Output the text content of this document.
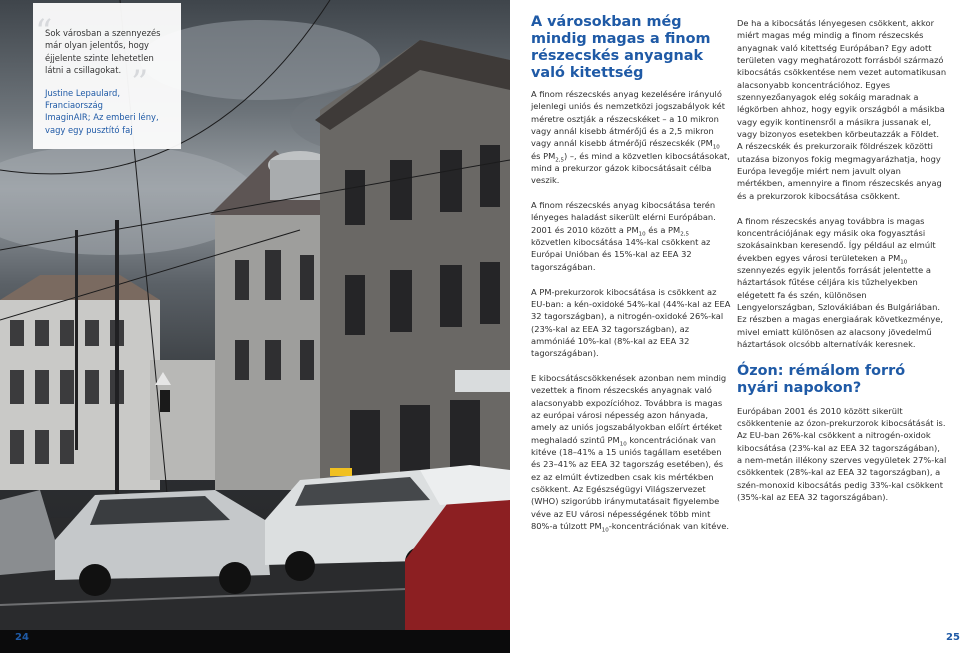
“
”

Sok városban a szennyezés már olyan jelentős, hogy éjjelente szinte lehetetlen látni a csillagokat.

Justine Lepaulard,
Franciaország
ImaginAIR; Az emberi lény, vagy egy pusztító faj

24	25
A városokban még mindig magas a finom részecskés anyagnak való kitettség

A finom részecskés anyag kezelésére irányuló jelenlegi uniós és nemzetközi jogszabályok két méretre osztják a részecskéket – a 10 mikron vagy annál kisebb átmérőjű és a 2,5 mikron vagy annál kisebb átmérőjű részecskék ($PM_{10}$ és $PM_{2,5}$) –, és mind a közvetlen kibocsátásokat, mind a prekurzor gázok kibocsátásait célba veszik.

A finom részecskés anyag kibocsátása terén lényeges haladást sikerült elérni Európában. 2001 és 2010 között a $PM_{10}$ és a $PM_{2,5}$ közvetlen kibocsátása 14%-kal csökkent az Európai Unióban és 15%-kal az EEA 32 tagországában.

A PM-prekurzorok kibocsátása is csökkent az EU-ban: a kén-oxidoké 54%-kal (44%-kal az EEA 32 tagországban), a nitrogén-oxidoké 26%-kal (23%-kal az EEA 32 tagországban), az ammóniáé 10%-kal (8%-kal az EEA 32 tagországában).

E kibocsátáscsökkenések azonban nem mindig vezettek a finom részecskés anyagnak való alacsonyabb expozícióhoz. Továbbra is magas az európai városi népesség azon hányada, amely az uniós jogszabályokban előírt értéket meghaladó szintű $PM_{10}$ koncentrációnak van kitéve (18–41% a 15 uniós tagállam esetében és 23–41% az EEA 32 tagország esetében), és ez az elmúlt évtizedben csak kis mértékben csökkent. Az Egészségügyi Világszervezet (WHO) szigorúbb iránymutatásait figyelembe véve az EU városi népességének több mint 80%-a túlzott $PM_{10}$-koncentrációnak van kitéve.

De ha a kibocsátás lényegesen csökkent, akkor miért magas még mindig a finom részecskés anyagnak való kitettség Európában? Egy adott területen vagy meghatározott forrásból származó kibocsátás csökkentése nem vezet automatikusan alacsonyabb koncentrációhoz. Egyes szennyezőanyagok elég sokáig maradnak a légkörben ahhoz, hogy egyik országból a másikba vagy egyik kontinensről a másikra jussanak el, vagy bizonyos esetekben körbeutazzák a Földet. A részecskék és prekurzoraik földrészek közötti utazása bizonyos fokig megmagyarázhatja, hogy Európa levegője miért nem javult olyan mértékben, amennyire a finom részecskés anyag és a prekurzorok kibocsátása csökkent.

A finom részecskés anyag továbbra is magas koncentrációjának egy másik oka fogyasztási szokásainkban keresendő. Így például az elmúlt években egyes városi területeken a $PM_{10}$ szennyezés egyik jelentős forrását jelentette a háztartások fűtése céljára kis tűzhelyekben elégetett fa és szén, különösen Lengyelországban, Szlovákiában és Bulgáriában. Ez részben a magas energiaárak következménye, mivel emiatt különösen az alacsony jövedelmű háztartások olcsóbb alternatívák keresnek.

Ózon: rémálom forró nyári napokon?

Európában 2001 és 2010 között sikerült csökkentenie az ózon-prekurzorok kibocsátását is. Az EU-ban 26%-kal csökkent a nitrogén-oxidok kibocsátása (23%-kal az EEA 32 tagországában), a nem-metán illékony szerves vegyületek 27%-kal csökkentek (28%-kal az EEA 32 tagországban), a szén-monoxid kibocsátás pedig 33%-kal csökkent (35%-kal az EEA 32 tagországában).
